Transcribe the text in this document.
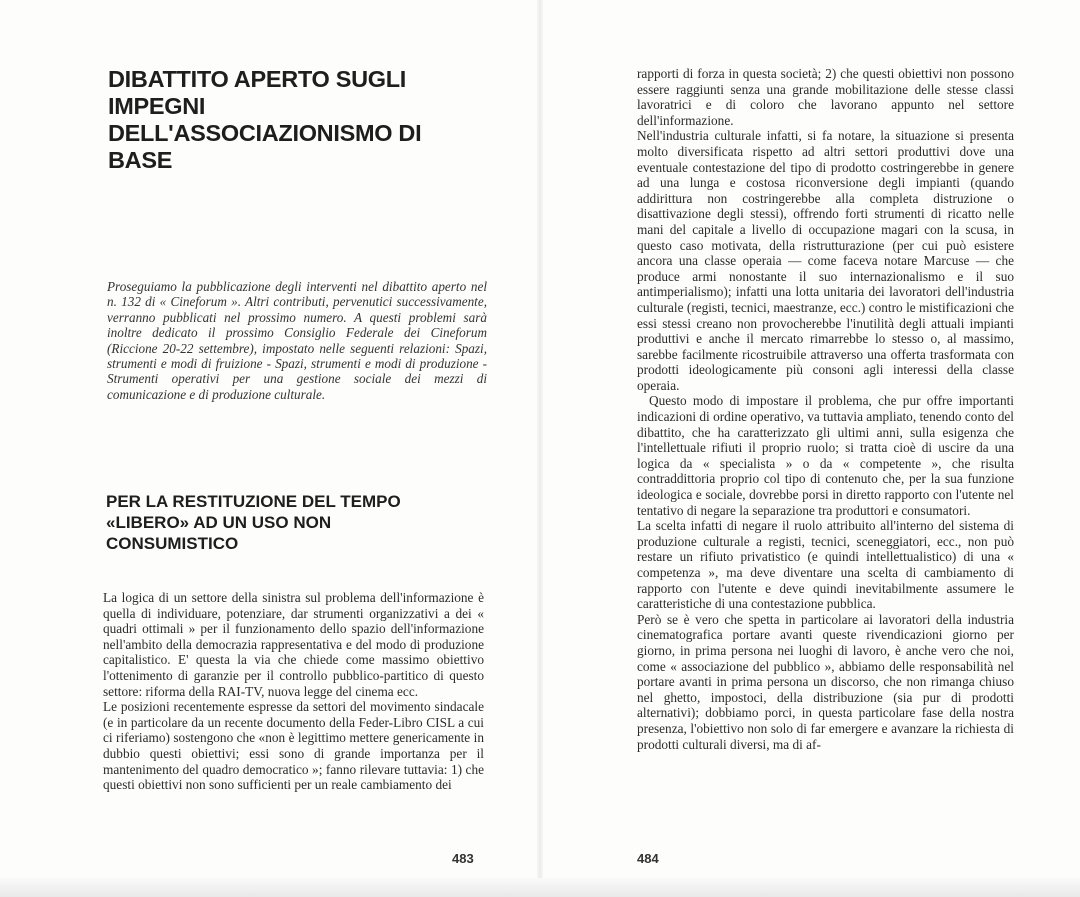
DIBATTITO APERTO SUGLI IMPEGNI DELL'ASSOCIAZIONISMO DI BASE

Proseguiamo la pubblicazione degli interventi nel dibattito aperto nel n. 132 di « Cineforum ». Altri contributi, pervenutici successivamente, verranno pubblicati nel prossimo numero. A questi problemi sarà inoltre dedicato il prossimo Consiglio Federale dei Cineforum (Riccione 20-22 settembre), impostato nelle seguenti relazioni: Spazi, strumenti e modi di fruizione - Spazi, strumenti e modi di produzione - Strumenti operativi per una gestione sociale dei mezzi di comunicazione e di produzione culturale.

PER LA RESTITUZIONE DEL TEMPO «LIBERO» AD UN USO NON CONSUMISTICO

La logica di un settore della sinistra sul problema dell'informazione è quella di individuare, potenziare, dar strumenti organizzativi a dei « quadri ottimali » per il funzionamento dello spazio dell'informazione nell'ambito della democrazia rappresentativa e del modo di produzione capitalistico. E' questa la via che chiede come massimo obiettivo l'ottenimento di garanzie per il controllo pubblico-partitico di questo settore: riforma della RAI-TV, nuova legge del cinema ecc.

Le posizioni recentemente espresse da settori del movimento sindacale (e in particolare da un recente documento della Feder-Libro CISL a cui ci riferiamo) sostengono che «non è legittimo mettere genericamente in dubbio questi obiettivi; essi sono di grande importanza per il mantenimento del quadro democratico »; fanno rilevare tuttavia: 1) che questi obiettivi non sono sufficienti per un reale cambiamento dei

483

rapporti di forza in questa società; 2) che questi obiettivi non possono essere raggiunti senza una grande mobilitazione delle stesse classi lavoratrici e di coloro che lavorano appunto nel settore dell'informazione.

Nell'industria culturale infatti, si fa notare, la situazione si presenta molto diversificata rispetto ad altri settori produttivi dove una eventuale contestazione del tipo di prodotto costringerebbe in genere ad una lunga e costosa riconversione degli impianti (quando addirittura non costringerebbe alla completa distruzione o disattivazione degli stessi), offrendo forti strumenti di ricatto nelle mani del capitale a livello di occupazione magari con la scusa, in questo caso motivata, della ristrutturazione (per cui può esistere ancora una classe operaia — come faceva notare Marcuse — che produce armi nonostante il suo internazionalismo e il suo antimperialismo); infatti una lotta unitaria dei lavoratori dell'industria culturale (registi, tecnici, maestranze, ecc.) contro le mistificazioni che essi stessi creano non provocherebbe l'inutilità degli attuali impianti produttivi e anche il mercato rimarrebbe lo stesso o, al massimo, sarebbe facilmente ricostruibile attraverso una offerta trasformata con prodotti ideologicamente più consoni agli interessi della classe operaia.

Questo modo di impostare il problema, che pur offre importanti indicazioni di ordine operativo, va tuttavia ampliato, tenendo conto del dibattito, che ha caratterizzato gli ultimi anni, sulla esigenza che l'intellettuale rifiuti il proprio ruolo; si tratta cioè di uscire da una logica da « specialista » o da « competente », che risulta contraddittoria proprio col tipo di contenuto che, per la sua funzione ideologica e sociale, dovrebbe porsi in diretto rapporto con l'utente nel tentativo di negare la separazione tra produttori e consumatori.

La scelta infatti di negare il ruolo attribuito all'interno del sistema di produzione culturale a registi, tecnici, sceneggiatori, ecc., non può restare un rifiuto privatistico (e quindi intellettualistico) di una « competenza », ma deve diventare una scelta di cambiamento di rapporto con l'utente e deve quindi inevitabilmente assumere le caratteristiche di una contestazione pubblica.

Però se è vero che spetta in particolare ai lavoratori della industria cinematografica portare avanti queste rivendicazioni giorno per giorno, in prima persona nei luoghi di lavoro, è anche vero che noi, come « associazione del pubblico », abbiamo delle responsabilità nel portare avanti in prima persona un discorso, che non rimanga chiuso nel ghetto, impostoci, della distribuzione (sia pur di prodotti alternativi); dobbiamo porci, in questa particolare fase della nostra presenza, l'obiettivo non solo di far emergere e avanzare la richiesta di prodotti culturali diversi, ma di af-

484
